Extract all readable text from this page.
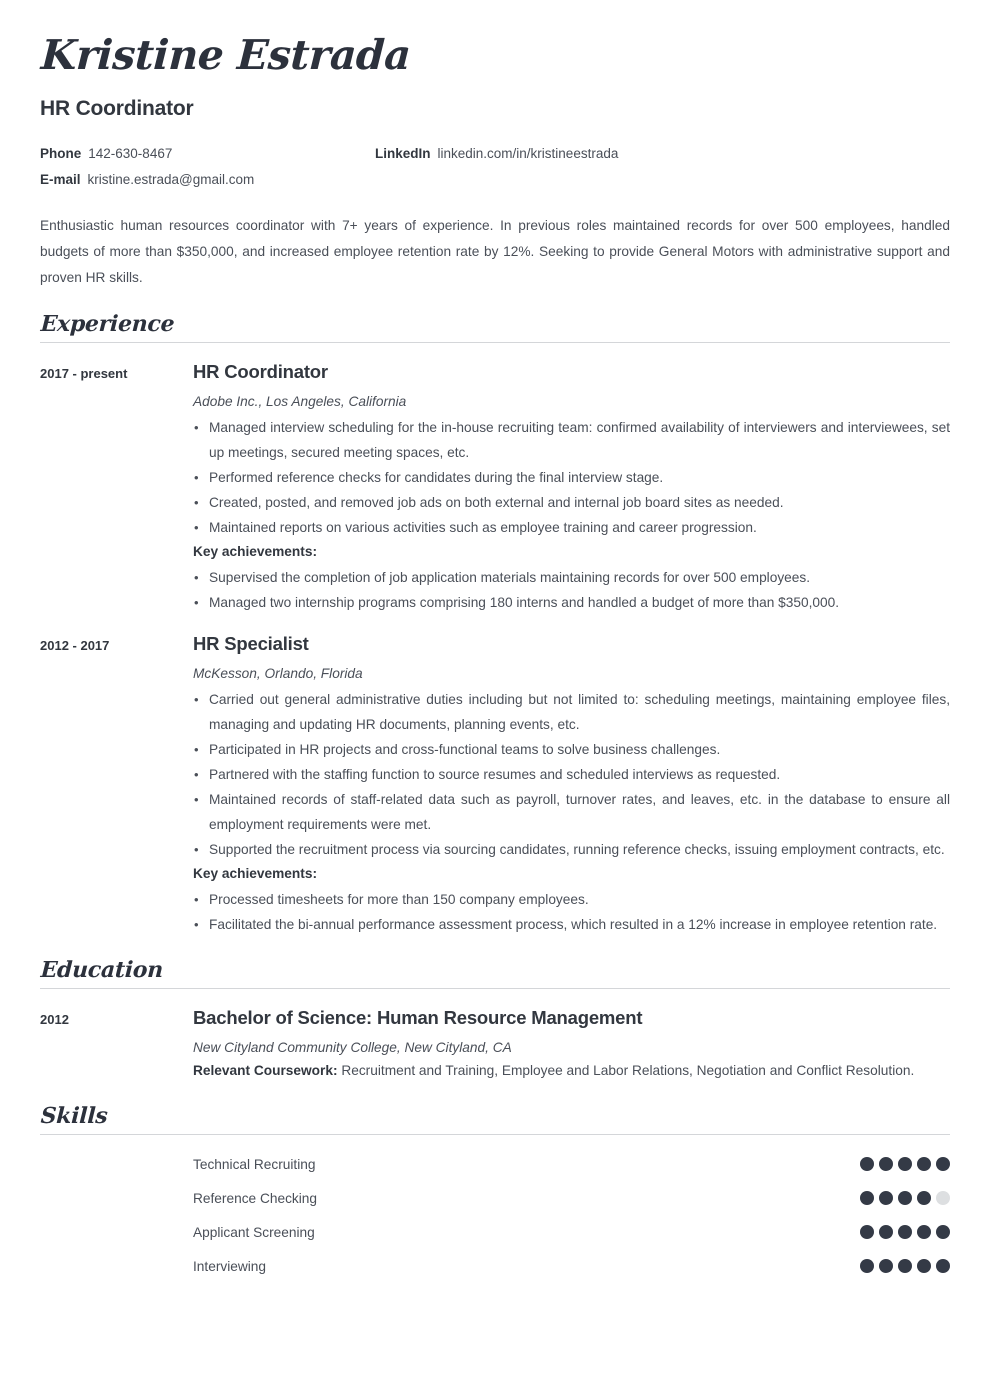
Kristine Estrada
HR Coordinator
Phone 142-630-8467	LinkedIn linkedin.com/in/kristineestrada
E-mail kristine.estrada@gmail.com

Enthusiastic human resources coordinator with 7+ years of experience. In previous roles maintained records for over 500 employees, handled budgets of more than $350,000, and increased employee retention rate by 12%. Seeking to provide General Motors with administrative support and proven HR skills.

Experience
2017 - present	HR Coordinator

Adobe Inc., Los Angeles, California

• Managed interview scheduling for the in-house recruiting team: confirmed availability of interviewers and interviewees, set up meetings, secured meeting spaces, etc.
• Performed reference checks for candidates during the final interview stage.
• Created, posted, and removed job ads on both external and internal job board sites as needed.
• Maintained reports on various activities such as employee training and career progression.

Key achievements:

• Supervised the completion of job application materials maintaining records for over 500 employees.
• Managed two internship programs comprising 180 interns and handled a budget of more than $350,000.
2012 - 2017	HR Specialist

McKesson, Orlando, Florida

• Carried out general administrative duties including but not limited to: scheduling meetings, maintaining employee files, managing and updating HR documents, planning events, etc.
• Participated in HR projects and cross-functional teams to solve business challenges.
• Partnered with the staffing function to source resumes and scheduled interviews as requested.
• Maintained records of staff-related data such as payroll, turnover rates, and leaves, etc. in the database to ensure all employment requirements were met.
• Supported the recruitment process via sourcing candidates, running reference checks, issuing employment contracts, etc.

Key achievements:

• Processed timesheets for more than 150 company employees.
• Facilitated the bi-annual performance assessment process, which resulted in a 12% increase in employee retention rate.
Education
2012	Bachelor of Science: Human Resource Management

New Cityland Community College, New Cityland, CA

Relevant Coursework: Recruitment and Training, Employee and Labor Relations, Negotiation and Conflict Resolution.

Skills
Technical Recruiting
Reference Checking
Applicant Screening
Interviewing
